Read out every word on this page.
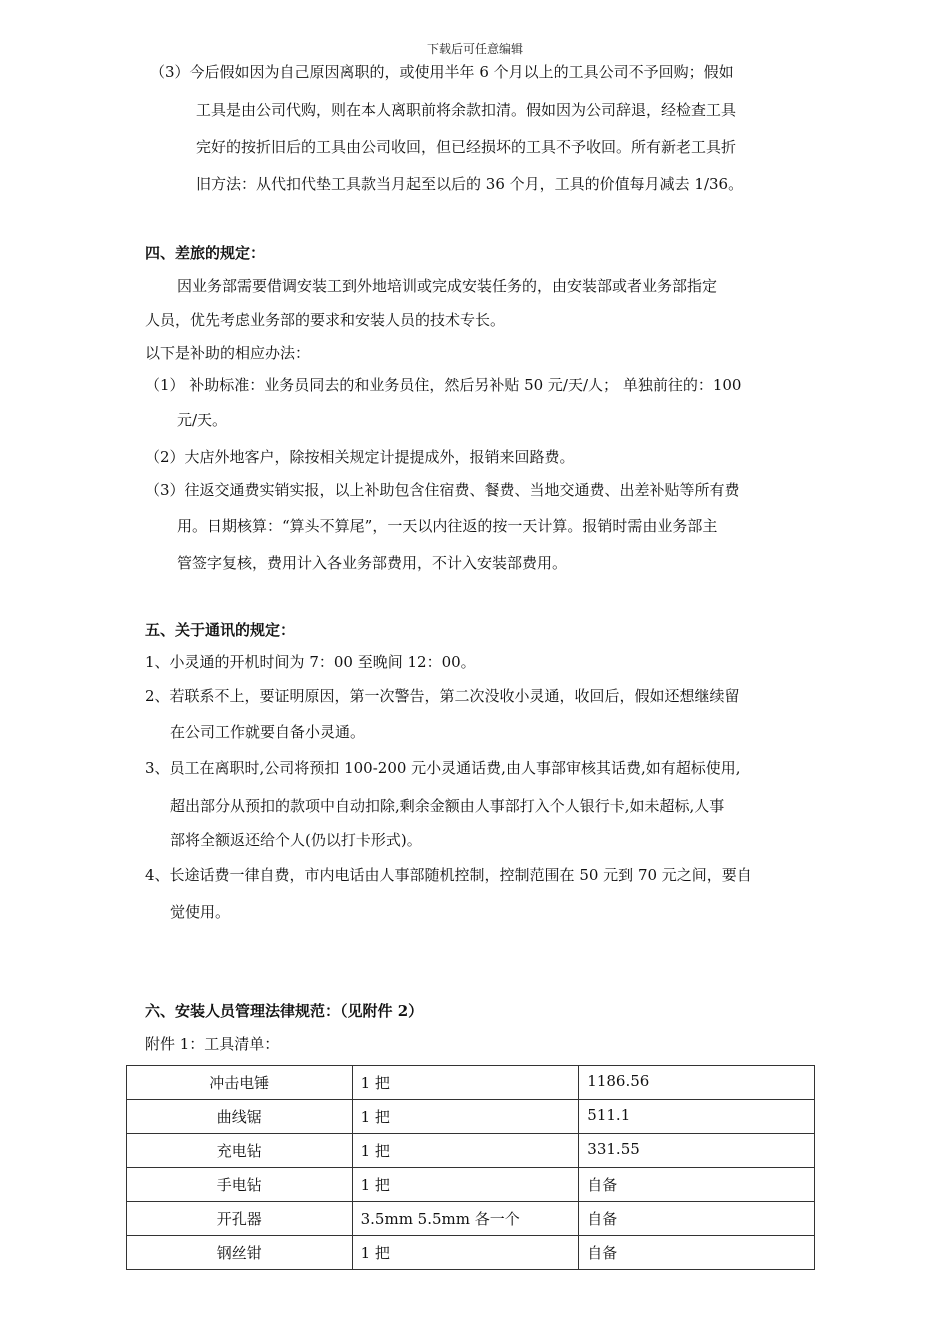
下载后可任意编辑
（3）今后假如因为自己原因离职的，或使用半年 6 个月以上的工具公司不予回购；假如
工具是由公司代购，则在本人离职前将余款扣清。假如因为公司辞退，经检查工具
完好的按折旧后的工具由公司收回，但已经损坏的工具不予收回。所有新老工具折
旧方法：从代扣代垫工具款当月起至以后的 36 个月，工具的价值每月减去 1/36。
四、差旅的规定：
因业务部需要借调安装工到外地培训或完成安装任务的，由安装部或者业务部指定
人员，优先考虑业务部的要求和安装人员的技术专长。
以下是补助的相应办法：
（1） 补助标准：业务员同去的和业务员住，然后另补贴 50 元/天/人； 单独前往的：100
元/天。
（2）大店外地客户，除按相关规定计提提成外，报销来回路费。
（3）往返交通费实销实报，以上补助包含住宿费、餐费、当地交通费、出差补贴等所有费
用。日期核算：“算头不算尾”，一天以内往返的按一天计算。报销时需由业务部主
管签字复核，费用计入各业务部费用，不计入安装部费用。
五、关于通讯的规定：
1、小灵通的开机时间为 7：00 至晚间 12：00。
2、若联系不上，要证明原因，第一次警告，第二次没收小灵通，收回后，假如还想继续留
在公司工作就要自备小灵通。
3、员工在离职时,公司将预扣 100-200 元小灵通话费,由人事部审核其话费,如有超标使用,
超出部分从预扣的款项中自动扣除,剩余金额由人事部打入个人银行卡,如未超标,人事
部将全额返还给个人(仍以打卡形式)。
4、长途话费一律自费，市内电话由人事部随机控制，控制范围在 50 元到 70 元之间，要自
觉使用。
六、安装人员管理法律规范：（见附件 2）
附件 1：工具清单：
冲击电锤	1 把	1186.56
曲线锯	1 把	511.1
充电钻	1 把	331.55
手电钻	1 把	自备
开孔器	3.5mm 5.5mm 各一个	自备
钢丝钳	1 把	自备
